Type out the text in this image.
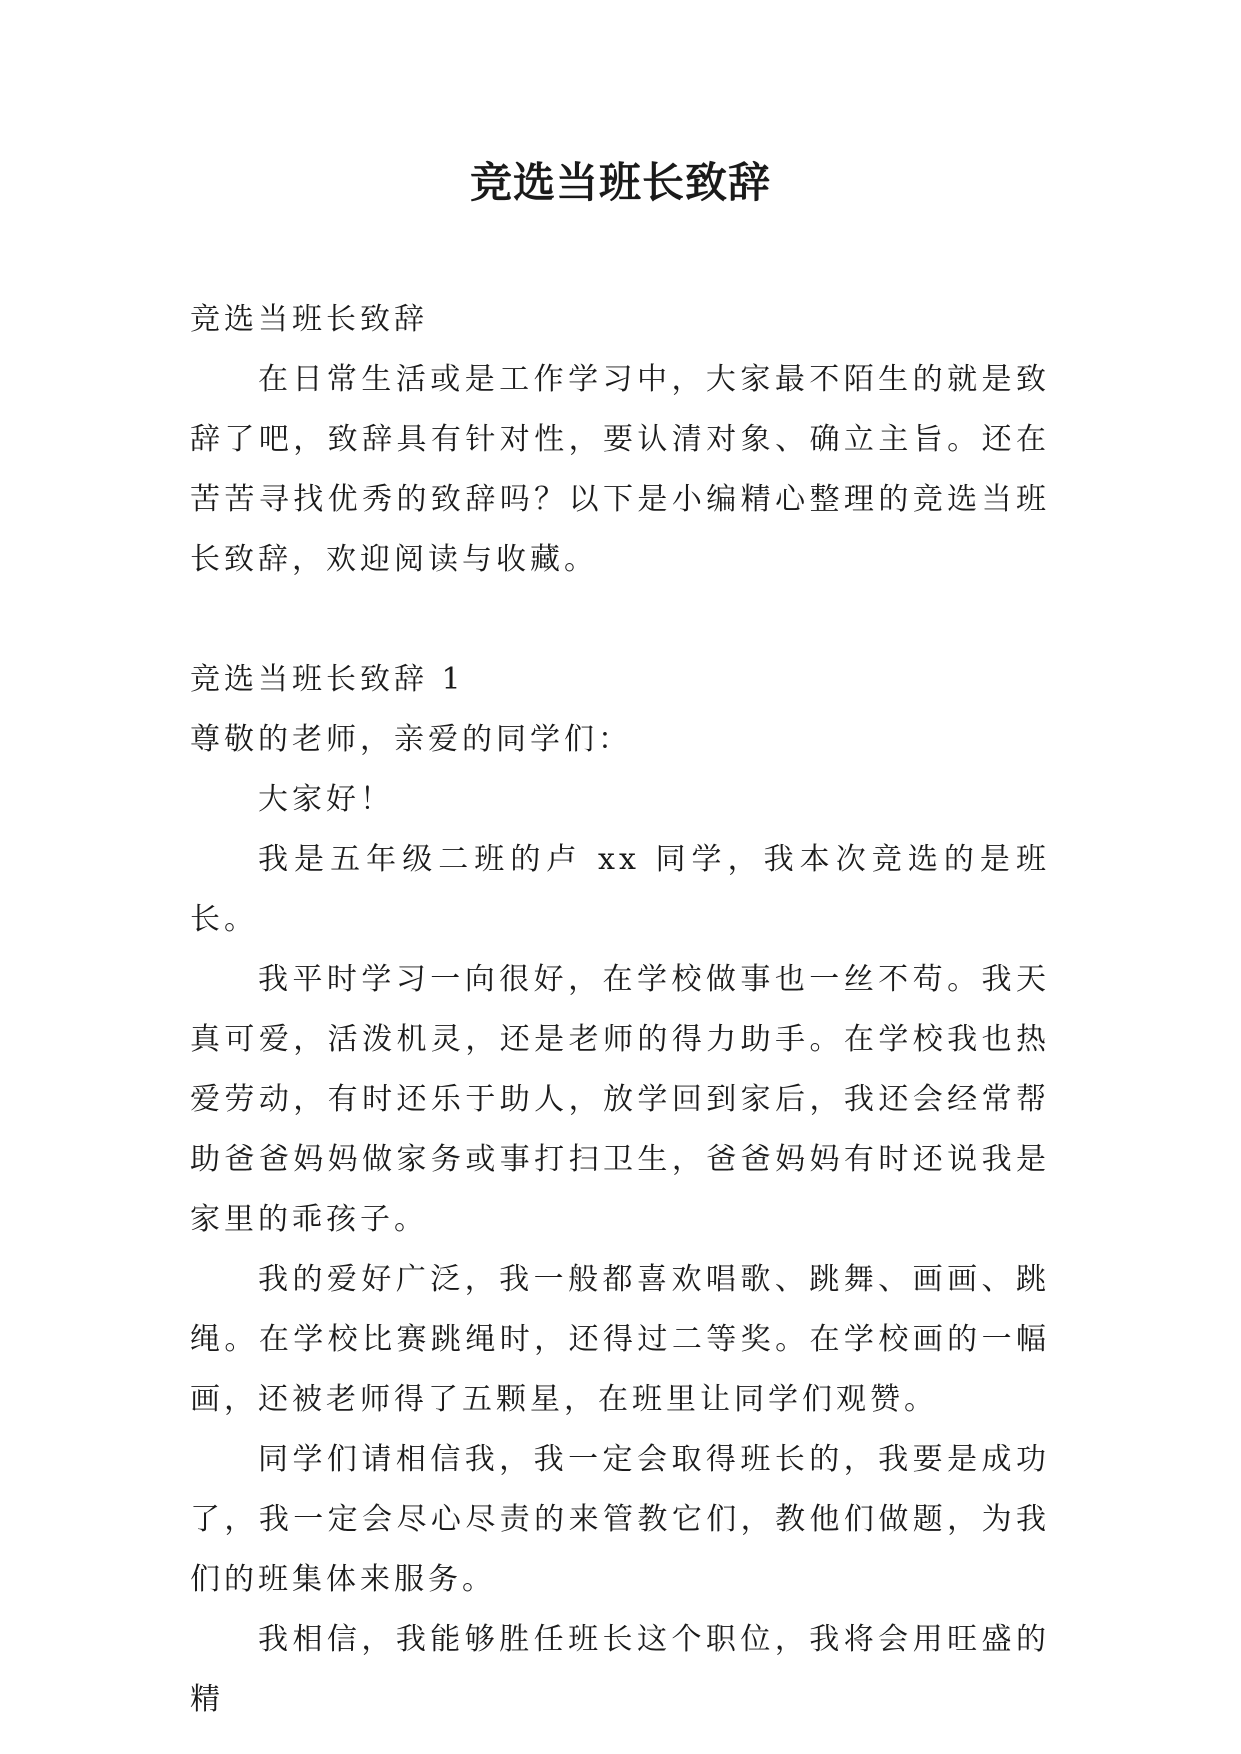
竞选当班长致辞

竞选当班长致辞

在日常生活或是工作学习中，大家最不陌生的就是致辞了吧，致辞具有针对性，要认清对象、确立主旨。还在苦苦寻找优秀的致辞吗？以下是小编精心整理的竞选当班长致辞，欢迎阅读与收藏。

竞选当班长致辞 1

尊敬的老师，亲爱的同学们：

大家好！

我是五年级二班的卢 xx 同学，我本次竞选的是班长。

我平时学习一向很好，在学校做事也一丝不苟。我天真可爱，活泼机灵，还是老师的得力助手。在学校我也热爱劳动，有时还乐于助人，放学回到家后，我还会经常帮助爸爸妈妈做家务或事打扫卫生，爸爸妈妈有时还说我是家里的乖孩子。

我的爱好广泛，我一般都喜欢唱歌、跳舞、画画、跳绳。在学校比赛跳绳时，还得过二等奖。在学校画的一幅画，还被老师得了五颗星，在班里让同学们观赞。

同学们请相信我，我一定会取得班长的，我要是成功了，我一定会尽心尽责的来管教它们，教他们做题，为我们的班集体来服务。

我相信，我能够胜任班长这个职位，我将会用旺盛的精
